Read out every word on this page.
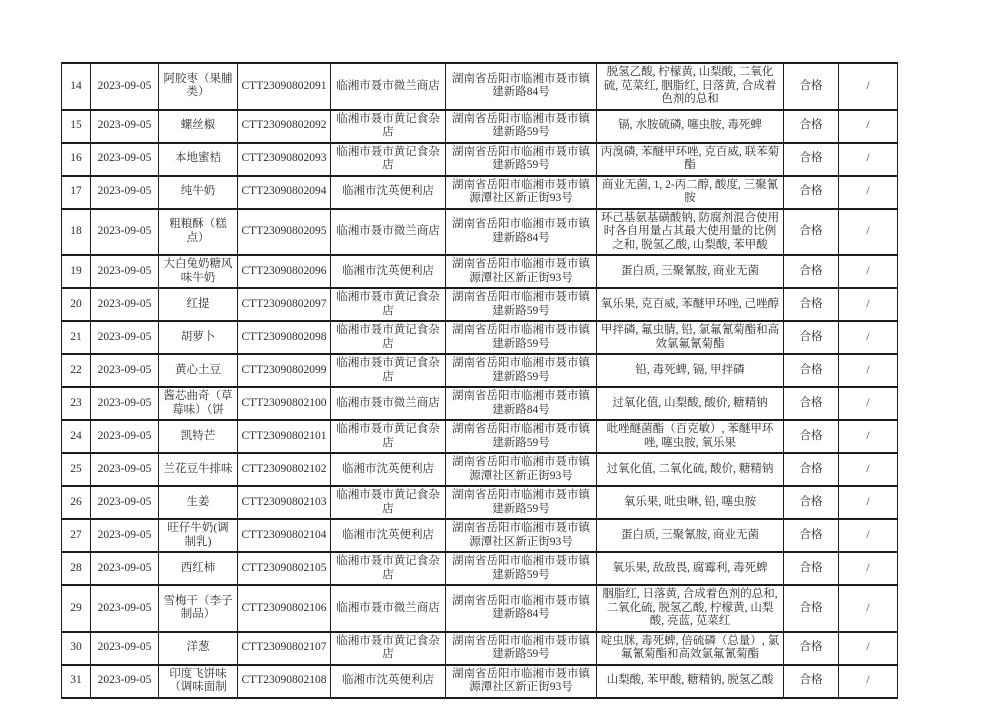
14	2023-09-05	阿胶枣（果脯类）	CTT23090802091	临湘市聂市微兰商店	湖南省岳阳市临湘市聂市镇建新路84号	脱氢乙酸, 柠檬黄, 山梨酸, 二氧化硫, 苋菜红, 胭脂红, 日落黄, 合成着色剂的总和	合格	/
15	2023-09-05	螺丝椒	CTT23090802092	临湘市聂市黄记食杂店	湖南省岳阳市临湘市聂市镇建新路59号	镉, 水胺硫磷, 噻虫胺, 毒死蜱	合格	/
16	2023-09-05	本地蜜桔	CTT23090802093	临湘市聂市黄记食杂店	湖南省岳阳市临湘市聂市镇建新路59号	丙溴磷, 苯醚甲环唑, 克百威, 联苯菊酯	合格	/
17	2023-09-05	纯牛奶	CTT23090802094	临湘市沈英便利店	湖南省岳阳市临湘市聂市镇源潭社区新正街93号	商业无菌, 1, 2-丙二醇, 酸度, 三聚氰胺	合格	/
18	2023-09-05	粗粮酥（糕点）	CTT23090802095	临湘市聂市微兰商店	湖南省岳阳市临湘市聂市镇建新路84号	环己基氨基磺酸钠, 防腐剂混合使用时各自用量占其最大使用量的比例之和, 脱氢乙酸, 山梨酸, 苯甲酸	合格	/
19	2023-09-05	大白兔奶糖风味牛奶	CTT23090802096	临湘市沈英便利店	湖南省岳阳市临湘市聂市镇源潭社区新正街93号	蛋白质, 三聚氰胺, 商业无菌	合格	/
20	2023-09-05	红提	CTT23090802097	临湘市聂市黄记食杂店	湖南省岳阳市临湘市聂市镇建新路59号	氧乐果, 克百威, 苯醚甲环唑, 己唑醇	合格	/
21	2023-09-05	胡萝卜	CTT23090802098	临湘市聂市黄记食杂店	湖南省岳阳市临湘市聂市镇建新路59号	甲拌磷, 氟虫腈, 铅, 氯氟氰菊酯和高效氯氟氰菊酯	合格	/
22	2023-09-05	黄心土豆	CTT23090802099	临湘市聂市黄记食杂店	湖南省岳阳市临湘市聂市镇建新路59号	铅, 毒死蜱, 镉, 甲拌磷	合格	/
23	2023-09-05	酱芯曲奇（草莓味）（饼	CTT23090802100	临湘市聂市微兰商店	湖南省岳阳市临湘市聂市镇建新路84号	过氧化值, 山梨酸, 酸价, 糖精钠	合格	/
24	2023-09-05	凯特芒	CTT23090802101	临湘市聂市黄记食杂店	湖南省岳阳市临湘市聂市镇建新路59号	吡唑醚菌酯（百克敏）, 苯醚甲环唑, 噻虫胺, 氧乐果	合格	/
25	2023-09-05	兰花豆牛排味	CTT23090802102	临湘市沈英便利店	湖南省岳阳市临湘市聂市镇源潭社区新正街93号	过氧化值, 二氧化硫, 酸价, 糖精钠	合格	/
26	2023-09-05	生姜	CTT23090802103	临湘市聂市黄记食杂店	湖南省岳阳市临湘市聂市镇建新路59号	氧乐果, 吡虫啉, 铅, 噻虫胺	合格	/
27	2023-09-05	旺仔牛奶(调制乳)	CTT23090802104	临湘市沈英便利店	湖南省岳阳市临湘市聂市镇源潭社区新正街93号	蛋白质, 三聚氰胺, 商业无菌	合格	/
28	2023-09-05	西红柿	CTT23090802105	临湘市聂市黄记食杂店	湖南省岳阳市临湘市聂市镇建新路59号	氧乐果, 敌敌畏, 腐霉利, 毒死蜱	合格	/
29	2023-09-05	雪梅干（李子制品）	CTT23090802106	临湘市聂市微兰商店	湖南省岳阳市临湘市聂市镇建新路84号	胭脂红, 日落黄, 合成着色剂的总和, 二氧化硫, 脱氢乙酸, 柠檬黄, 山梨酸, 亮蓝, 苋菜红	合格	/
30	2023-09-05	洋葱	CTT23090802107	临湘市聂市黄记食杂店	湖南省岳阳市临湘市聂市镇建新路59号	啶虫脒, 毒死蜱, 倍硫磷（总量）, 氯氟氰菊酯和高效氯氟氰菊酯	合格	/
31	2023-09-05	印度飞饼味（调味面制	CTT23090802108	临湘市沈英便利店	湖南省岳阳市临湘市聂市镇源潭社区新正街93号	山梨酸, 苯甲酸, 糖精钠, 脱氢乙酸	合格	/
